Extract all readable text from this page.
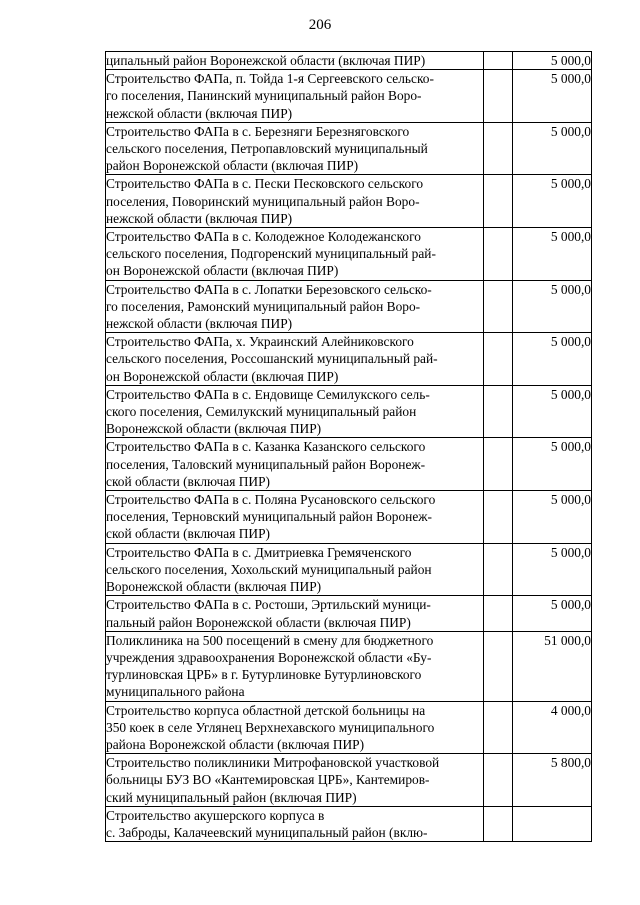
206
ципальный район Воронежской области (включая ПИР)		5 000,0

Строительство ФАПа, п. Тойда 1-я Сергеевского сельско-
го поселения, Панинский муниципальный район Воро-
нежской области (включая ПИР)		5 000,0

Строительство ФАПа в с. Березняги Березняговского
сельского поселения, Петропавловский муниципальный
район Воронежской области (включая ПИР)		5 000,0

Строительство ФАПа в с. Пески Песковского сельского
поселения, Поворинский муниципальный район Воро-
нежской области (включая ПИР)		5 000,0

Строительство ФАПа в с. Колодежное Колодежанского
сельского поселения, Подгоренский муниципальный рай-
он Воронежской области (включая ПИР)		5 000,0

Строительство ФАПа в с. Лопатки Березовского сельско-
го поселения, Рамонский муниципальный район Воро-
нежской области (включая ПИР)		5 000,0

Строительство ФАПа, х. Украинский Алейниковского
сельского поселения, Россошанский муниципальный рай-
он Воронежской области (включая ПИР)		5 000,0

Строительство ФАПа в с. Ендовище Семилукского сель-
ского поселения, Семилукский муниципальный район
Воронежской области (включая ПИР)		5 000,0

Строительство ФАПа в с. Казанка Казанского сельского
поселения, Таловский муниципальный район Воронеж-
ской области (включая ПИР)		5 000,0

Строительство ФАПа в с. Поляна Русановского сельского
поселения, Терновский муниципальный район Воронеж-
ской области (включая ПИР)		5 000,0

Строительство ФАПа в с. Дмитриевка Гремяченского
сельского поселения, Хохольский муниципальный район
Воронежской области (включая ПИР)		5 000,0

Строительство ФАПа в с. Ростоши, Эртильский муници-
пальный район Воронежской области (включая ПИР)		5 000,0

Поликлиника на 500 посещений в смену для бюджетного
учреждения здравоохранения Воронежской области «Бу-
турлиновская ЦРБ» в г. Бутурлиновке Бутурлиновского
муниципального района		51 000,0

Строительство корпуса областной детской больницы на
350 коек в селе Углянец Верхнехавского муниципального
района Воронежской области (включая ПИР)		4 000,0

Строительство поликлиники Митрофановской участковой
больницы БУЗ ВО «Кантемировская ЦРБ», Кантемиров-
ский муниципальный район (включая ПИР)		5 800,0

Строительство акушерского корпуса в
с. Заброды, Калачеевский муниципальный район (вклю-		
